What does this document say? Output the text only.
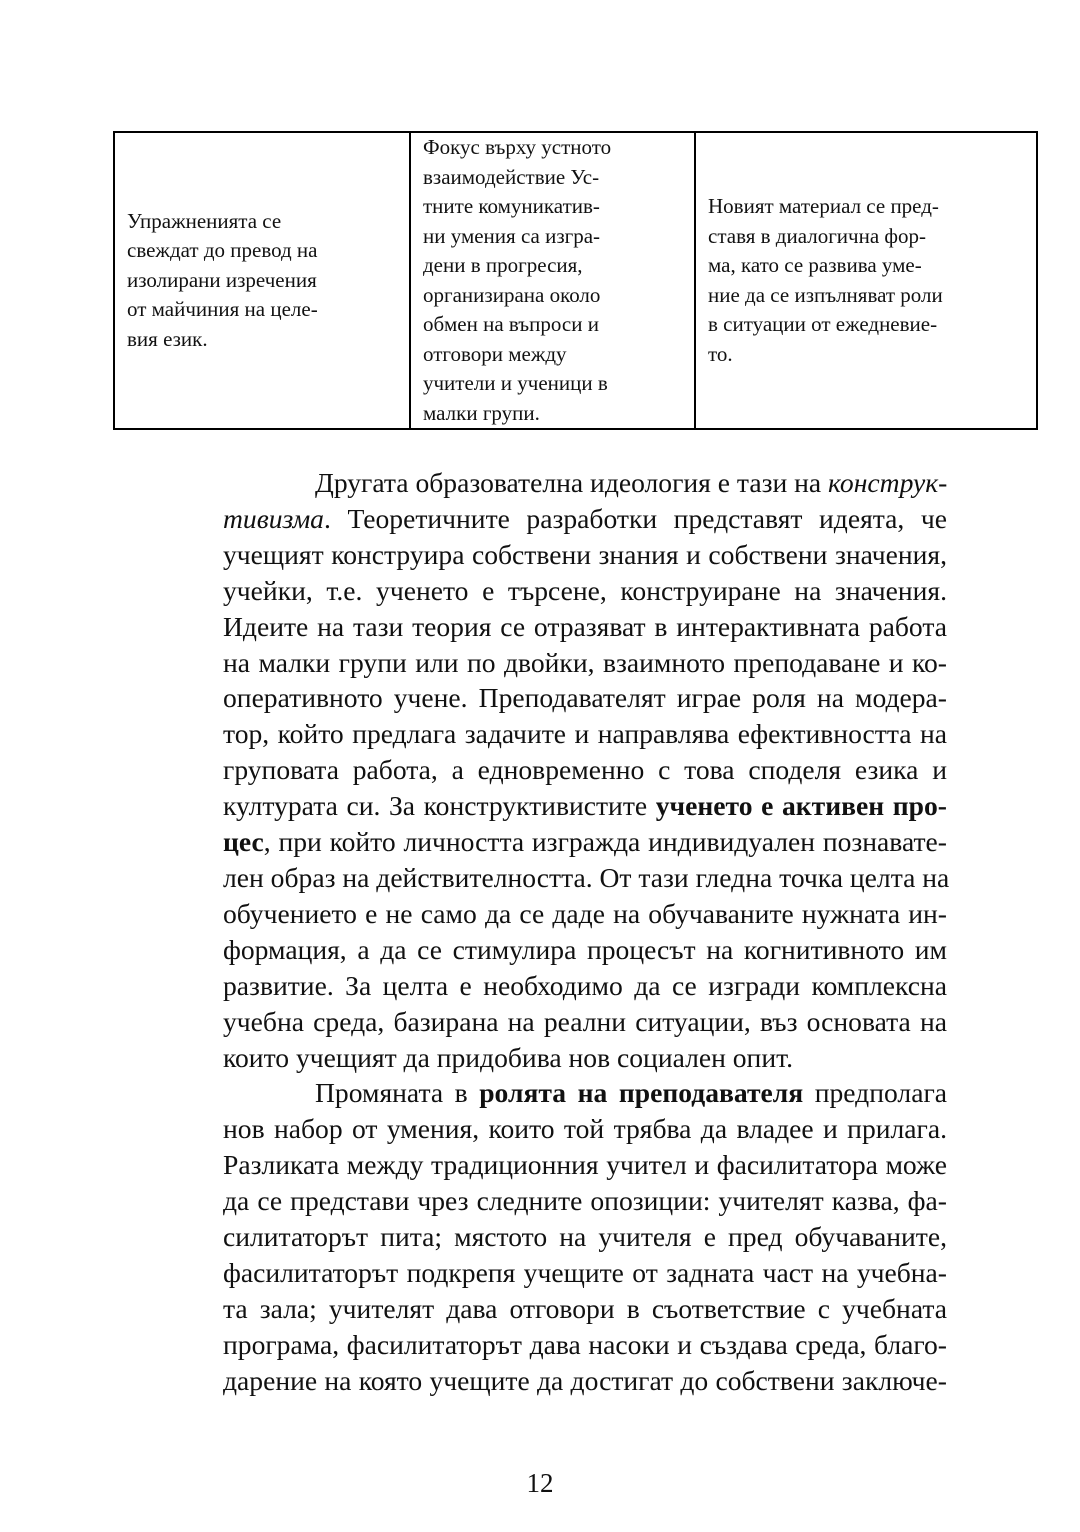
Упражненията се
свеждат до превод на
изолирани изречения
от майчиния на целе-
вия език.	Фокус върху устното
взаимодействие Ус-
тните комуникатив-
ни умения са изгра-
дени в прогресия,
организирана около
обмен на въпроси и
отговори между
учители и ученици в
малки групи.	Новият материал се пред-
ставя в диалогична фор-
ма, като се развива уме-
ние да се изпълняват роли
в ситуации от ежедневие-
то.
Другата образователна идеология е тази на конструк-
тивизма. Теоретичните разработки представят идеята, че
учещият конструира собствени знания и собствени значения,
учейки, т.е. ученето е търсене, конструиране на значения.
Идеите на тази теория се отразяват в интерактивната работа
на малки групи или по двойки, взаимното преподаване и ко-
оперативното учене. Преподавателят играе роля на модера-
тор, който предлага задачите и направлява ефективността на
груповата работа, а едновременно с това споделя езика и
културата си. За конструктивистите ученето е активен про-
цес, при който личността изгражда индивидуален познавате-
лен образ на действителността. От тази гледна точка целта на
обучението е не само да се даде на обучаваните нужната ин-
формация, а да се стимулира процесът на когнитивното им
развитие. За целта е необходимо да се изгради комплексна
учебна среда, базирана на реални ситуации, въз основата на
които учещият да придобива нов социален опит.
Промяната в ролята на преподавателя предполага
нов набор от умения, които той трябва да владее и прилага.
Разликата между традиционния учител и фасилитатора може
да се представи чрез следните опозиции: учителят казва, фа-
силитаторът пита; мястото на учителя е пред обучаваните,
фасилитаторът подкрепя учещите от задната част на учебна-
та зала; учителят дава отговори в съответствие с учебната
програма, фасилитаторът дава насоки и създава среда, благо-
дарение на която учещите да достигат до собствени заключе-
12
